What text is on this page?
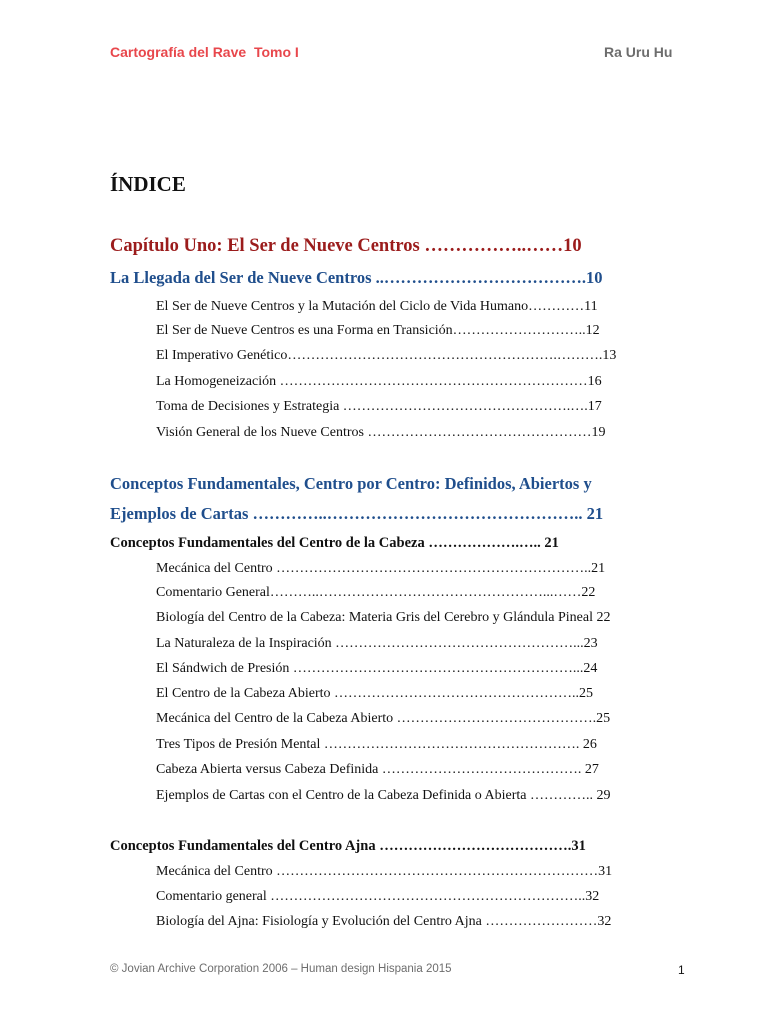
Cartografía del Rave  Tomo I	Ra Uru Hu
ÍNDICE
Capítulo Uno: El Ser de Nueve Centros ……………..……10
La Llegada del Ser de Nueve Centros ..……………………………….10
El Ser de Nueve Centros y la Mutación del Ciclo de Vida Humano…………11
El Ser de Nueve Centros es una Forma en Transición………………………..12
El Imperativo Genético………………………………………………….……….13
La Homogeneización …………………………………………………………16
Toma de Decisiones y Estrategia ………………………………………….….17
Visión General de los Nueve Centros …………………………………………19
Conceptos Fundamentales, Centro por Centro: Definidos, Abiertos y
Ejemplos de Cartas …………..……………………………………….. 21
Conceptos Fundamentales del Centro de la Cabeza ……………….….. 21
Mecánica del Centro …………………………………………………………..21
Comentario General………..…………………………………………...……22
Biología del Centro de la Cabeza: Materia Gris del Cerebro y Glándula Pineal 22
La Naturaleza de la Inspiración ……………………………………………...23
El Sándwich de Presión ……………………………………………………...24
El Centro de la Cabeza Abierto ……………………………………………..25
Mecánica del Centro de la Cabeza Abierto …………………………………….25
Tres Tipos de Presión Mental ………………………………………………. 26
Cabeza Abierta versus Cabeza Definida ……………………………………. 27
Ejemplos de Cartas con el Centro de la Cabeza Definida o Abierta ………….. 29
Conceptos Fundamentales del Centro Ajna ………………………………….31
Mecánica del Centro ……………………………………………………………31
Comentario general …………………………………………………………..32
Biología del Ajna: Fisiología y Evolución del Centro Ajna ……………………32
© Jovian Archive Corporation 2006 – Human design Hispania 2015	1
